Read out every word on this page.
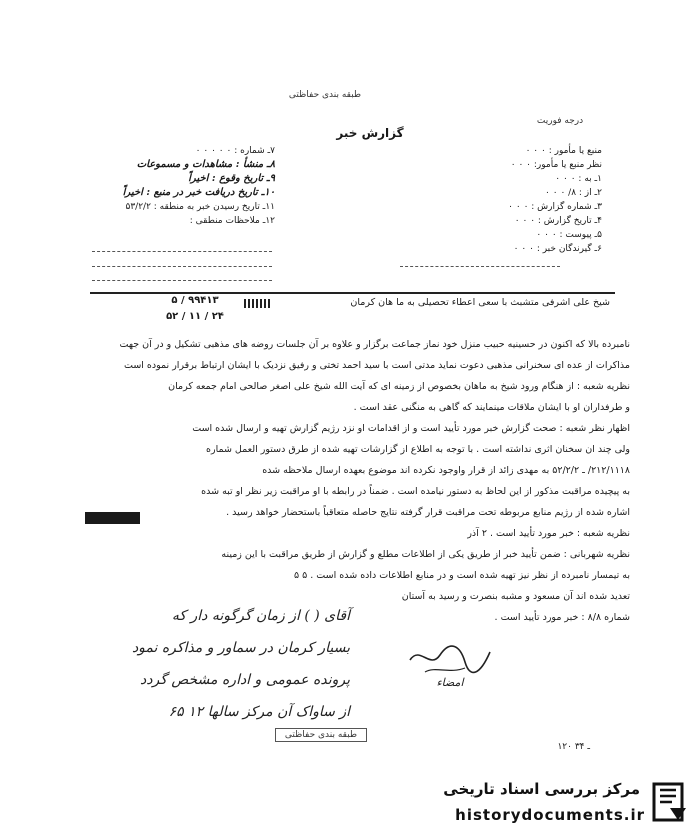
طبقه بندی حفاظتی
درجه فوریت
گزارش خبر
منبع یا مأمور : ۰ ۰ ۰
نظر منبع یا مأمور: ۰ ۰ ۰
۱ـ به : ۰ ۰ ۰
۲ـ از : ۸/ ۰ ۰ ۰
۳ـ شماره گزارش : ۰ ۰ ۰
۴ـ تاریخ گزارش : ۰ ۰ ۰
۵ـ پیوست : ۰ ۰ ۰
۶ـ گیرندگان خبر : ۰ ۰ ۰
۷ـ شماره : ۰ ۰ ۰ ۰ ۰
۸ـ منشأ : مشاهدات و مسموعات
۹ـ تاریخ وقوع : اخیراً
۱۰ـ تاریخ دریافت خبر در منبع : اخیراً
۱۱ـ تاریخ رسیدن خبر به منطقه : ۵۳/۲/۲
۱۲ـ ملاحظات منطقی :
شیخ علی اشرفی متشبث با سعی اعطاء تحصیلی به ما هان کرمان
۵ / ۹۹۴۱۳
۵۲ / ۱۱ / ۲۴
نامبرده بالا که اکنون در حسینیه حبیب منزل خود نماز جماعت برگزار و علاوه بر آن جلسات روضه های مذهبی تشکیل و در آن جهت
مذاکرات از عده ای سخنرانی مذهبی دعوت نماید مدتی است با سید احمد تختی و رفیق نزدیک با ایشان ارتباط برقرار نموده است
نظریه شعبه : از هنگام ورود شیخ به ماهان بخصوص از زمینه ای که آیت الله شیخ علی اصغر صالحی امام جمعه کرمان
و طرفداران او با ایشان ملاقات مینمایند که گاهی به منگنی عقد است .
اظهار نظر شعبه : صحت گزارش خبر مورد تأیید است و از اقدامات او نزد رژیم گزارش تهیه و ارسال شده است
ولی چند ان سخنان اثری نداشته است . با توجه به اطلاع از گزارشات تهیه شده از طرق دستور العمل شماره
۲۱۲/۱۱۱۸/ ـ ۵۲/۲/۲ به مهدی زائد از قرار واوجود نکرده اند موضوع بعهده ارسال ملاحظه شده
به پیچیده مراقبت مذکور از این لحاظ به دستور نیامده است . ضمناً در رابطه با او مراقبت زیر نظر او تبه شده
اشاره شده از رژیم منابع مربوطه تحت مراقبت قرار گرفته نتایج حاصله متعاقباً باستحضار خواهد رسید .
نظریه شعبه : خبر مورد تأیید است . ۲ آذر
نظریه شهربانی : ضمن تأیید خبر از طریق یکی از اطلاعات مطلع و گزارش از طریق مراقبت با این زمینه
به تیمسار نامبرده از نظر نیز تهیه شده است و در منابع اطلاعات داده شده است . ۵ ۵
تعدید شده اند آن مسعود و مشبه بنصرت و رسید به آستان
شماره ۸/۸ : خبر مورد تأیید است .
آقای ( ) از زمان گرگونه دار که
بسیار کرمان در سماور و مذاکره نمود
پرونده عمومی و اداره مشخص گردد
از ساواک آن مرکز سالها ۱۲ ۶۵
امضاء
طبقه بندی حفاظتی
۱۲۰ ـ ۳۴
مرکز بررسی اسناد تاریخی
historydocuments.ir
